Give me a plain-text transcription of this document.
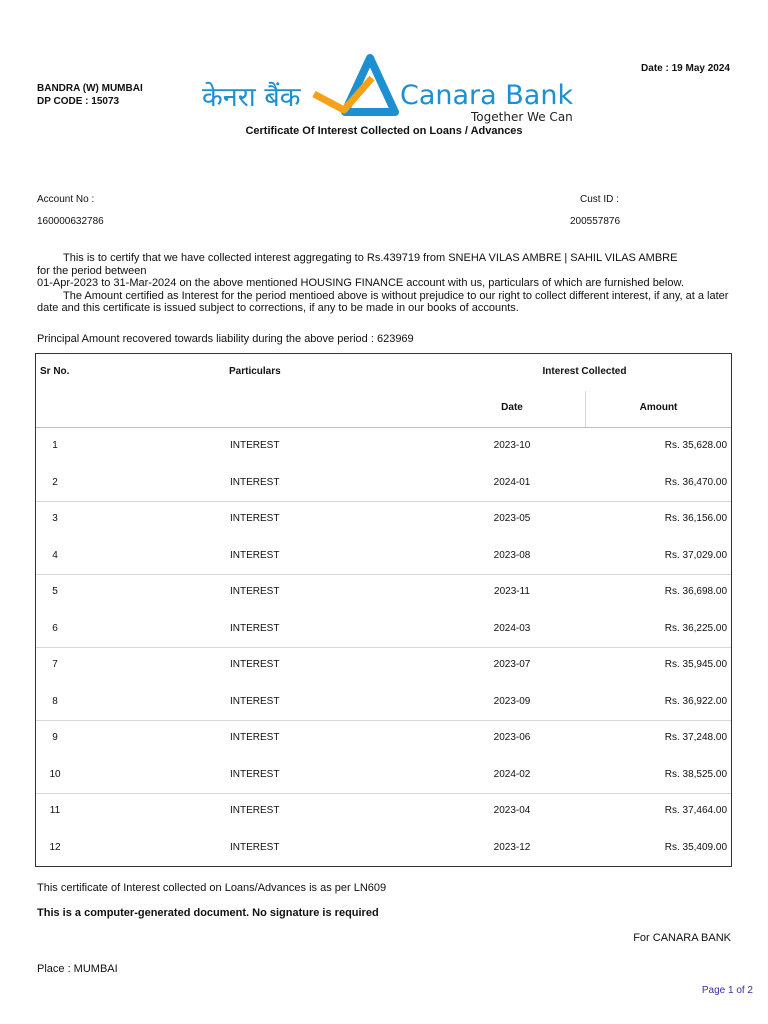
Date : 19 May 2024
BANDRA (W) MUMBAI
DP CODE : 15073	केनरा बैंक	Canara Bank
Together We Can
Certificate Of Interest Collected on Loans / Advances
Account No :
160000632786
Cust ID :
200557876
This is to certify that we have collected interest aggregating to Rs.439719 from SNEHA VILAS AMBRE | SAHIL VILAS AMBRE
for the period between
01-Apr-2023 to 31-Mar-2024 on the above mentioned HOUSING FINANCE account with us, particulars of which are furnished below.
The Amount certified as Interest for the period mentioed above is without prejudice to our right to collect different interest, if any, at a later date and this certificate is issued subject to corrections, if any to be made in our books of accounts.
Principal Amount recovered towards liability during the above period : 623969
Sr No.	Particulars	Interest Collected
Date	Amount
1	INTEREST	2023-10	Rs. 35,628.00
2	INTEREST	2024-01	Rs. 36,470.00
3	INTEREST	2023-05	Rs. 36,156.00
4	INTEREST	2023-08	Rs. 37,029.00
5	INTEREST	2023-11	Rs. 36,698.00
6	INTEREST	2024-03	Rs. 36,225.00
7	INTEREST	2023-07	Rs. 35,945.00
8	INTEREST	2023-09	Rs. 36,922.00
9	INTEREST	2023-06	Rs. 37,248.00
10	INTEREST	2024-02	Rs. 38,525.00
11	INTEREST	2023-04	Rs. 37,464.00
12	INTEREST	2023-12	Rs. 35,409.00
This certificate of Interest collected on Loans/Advances is as per LN609
This is a computer-generated document. No signature is required
For CANARA BANK
Place : MUMBAI
Page 1 of 2
